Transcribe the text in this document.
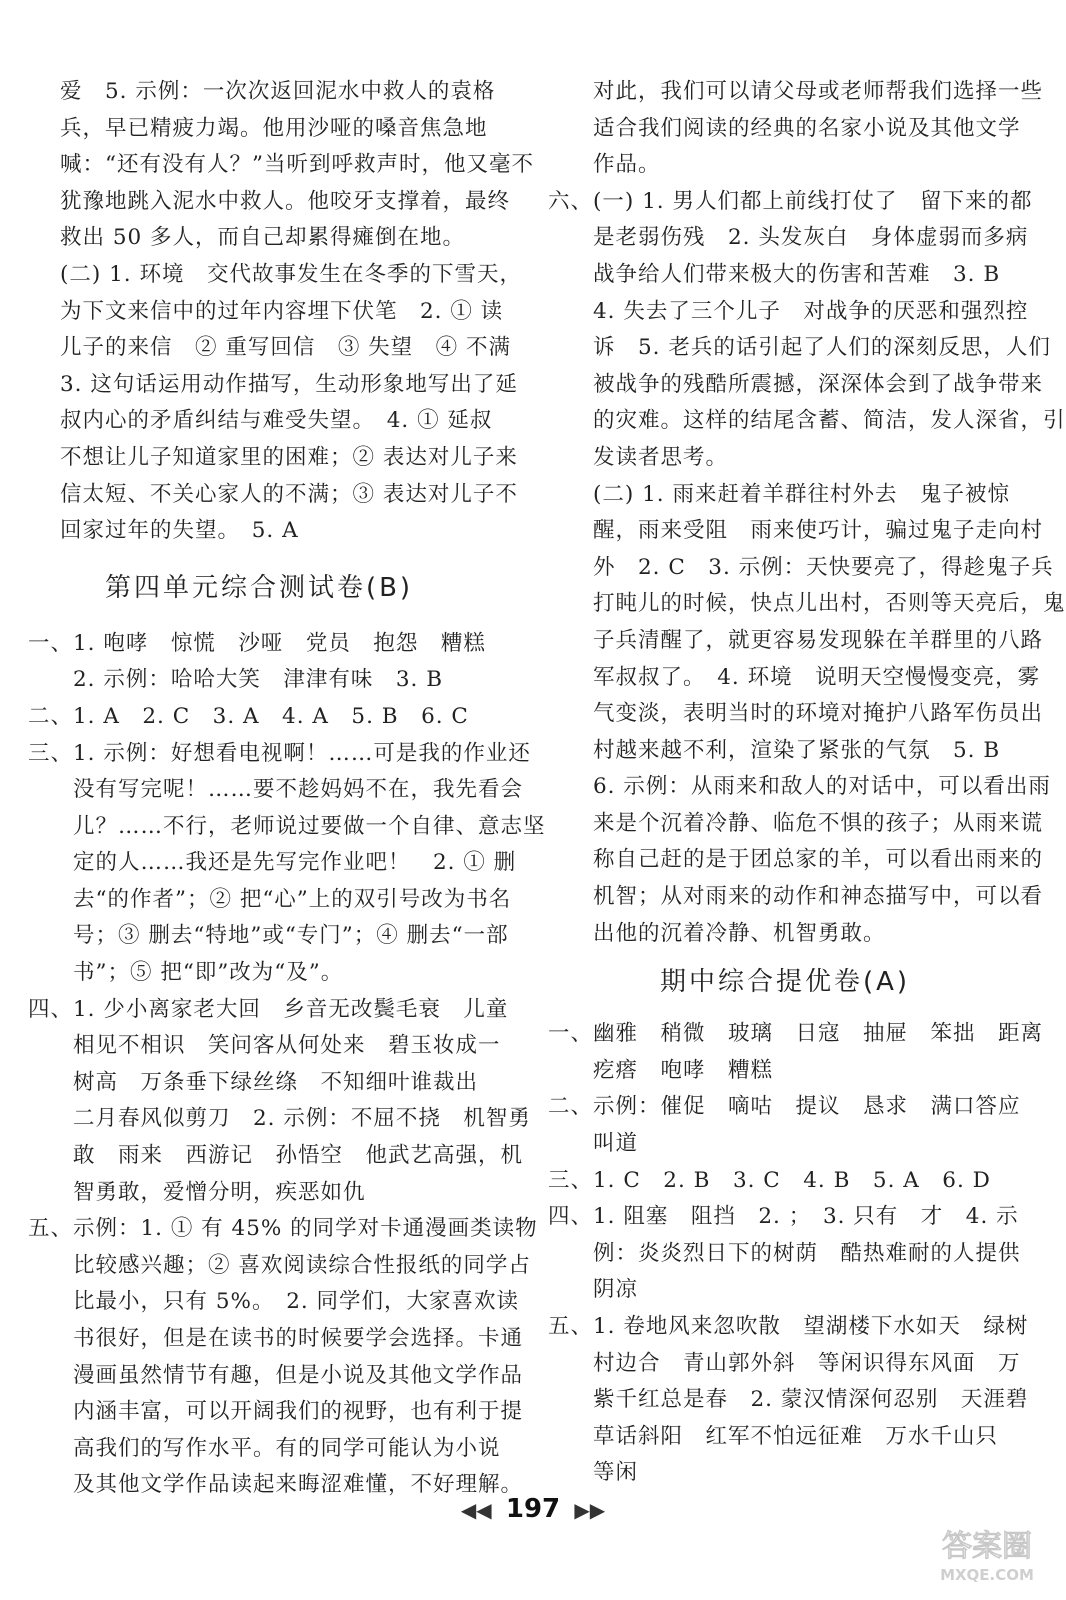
爱　5. 示例：一次次返回泥水中救人的袁格
兵，早已精疲力竭。他用沙哑的嗓音焦急地
喊：“还有没有人？”当听到呼救声时，他又毫不
犹豫地跳入泥水中救人。他咬牙支撑着，最终
救出 50 多人，而自己却累得瘫倒在地。
(二) 1. 环境　交代故事发生在冬季的下雪天，
为下文来信中的过年内容埋下伏笔　2. ① 读
儿子的来信　② 重写回信　③ 失望　④ 不满
3. 这句话运用动作描写，生动形象地写出了延
叔内心的矛盾纠结与难受失望。　4. ① 延叔
不想让儿子知道家里的困难；② 表达对儿子来
信太短、不关心家人的不满；③ 表达对儿子不
回家过年的失望。　5. A
第四单元综合测试卷(B)
一、1. 咆哮　惊慌　沙哑　党员　抱怨　糟糕
　　2. 示例：哈哈大笑　津津有味　3. B
二、1. A　2. C　3. A　4. A　5. B　6. C
三、1. 示例：好想看电视啊！……可是我的作业还
　　没有写完呢！……要不趁妈妈不在，我先看会
　　儿？……不行，老师说过要做一个自律、意志坚
　　定的人……我还是先写完作业吧！　2. ① 删
　　去“的作者”；② 把“心”上的双引号改为书名
　　号；③ 删去“特地”或“专门”；④ 删去“一部
　　书”；⑤ 把“即”改为“及”。
四、1. 少小离家老大回　乡音无改鬓毛衰　儿童
　　相见不相识　笑问客从何处来　碧玉妆成一
　　树高　万条垂下绿丝绦　不知细叶谁裁出
　　二月春风似剪刀　2. 示例：不屈不挠　机智勇
　　敢　雨来　西游记　孙悟空　他武艺高强，机
　　智勇敢，爱憎分明，疾恶如仇
五、示例：1. ① 有 45% 的同学对卡通漫画类读物
　　比较感兴趣；② 喜欢阅读综合性报纸的同学占
　　比最小，只有 5%。　2. 同学们，大家喜欢读
　　书很好，但是在读书的时候要学会选择。卡通
　　漫画虽然情节有趣，但是小说及其他文学作品
　　内涵丰富，可以开阔我们的视野，也有利于提
　　高我们的写作水平。有的同学可能认为小说
　　及其他文学作品读起来晦涩难懂，不好理解。
　　对此，我们可以请父母或老师帮我们选择一些
　　适合我们阅读的经典的名家小说及其他文学
　　作品。
六、(一) 1. 男人们都上前线打仗了　留下来的都
　　是老弱伤残　2. 头发灰白　身体虚弱而多病
　　战争给人们带来极大的伤害和苦难　3. B
　　4. 失去了三个儿子　对战争的厌恶和强烈控
　　诉　5. 老兵的话引起了人们的深刻反思，人们
　　被战争的残酷所震撼，深深体会到了战争带来
　　的灾难。这样的结尾含蓄、简洁，发人深省，引
　　发读者思考。
　　(二) 1. 雨来赶着羊群往村外去　鬼子被惊
　　醒，雨来受阻　雨来使巧计，骗过鬼子走向村
　　外　2. C　3. 示例：天快要亮了，得趁鬼子兵
　　打盹儿的时候，快点儿出村，否则等天亮后，鬼
　　子兵清醒了，就更容易发现躲在羊群里的八路
　　军叔叔了。　4. 环境　说明天空慢慢变亮，雾
　　气变淡，表明当时的环境对掩护八路军伤员出
　　村越来越不利，渲染了紧张的气氛　5. B
　　6. 示例：从雨来和敌人的对话中，可以看出雨
　　来是个沉着冷静、临危不惧的孩子；从雨来谎
　　称自己赶的是于团总家的羊，可以看出雨来的
　　机智；从对雨来的动作和神态描写中，可以看
　　出他的沉着冷静、机智勇敢。
期中综合提优卷(A)
一、幽雅　稍微　玻璃　日寇　抽屉　笨拙　距离
　　疙瘩　咆哮　糟糕
二、示例：催促　嘀咕　提议　恳求　满口答应
　　叫道
三、1. C　2. B　3. C　4. B　5. A　6. D
四、1. 阻塞　阻挡　2. ；　3. 只有　才　4. 示
　　例：炎炎烈日下的树荫　酷热难耐的人提供
　　阴凉
五、1. 卷地风来忽吹散　望湖楼下水如天　绿树
　　村边合　青山郭外斜　等闲识得东风面　万
　　紫千红总是春　2. 蒙汉情深何忍别　天涯碧
　　草话斜阳　红军不怕远征难　万水千山只
　　等闲
◀◀ 197 ▶▶
答案圈
MXQE.COM
